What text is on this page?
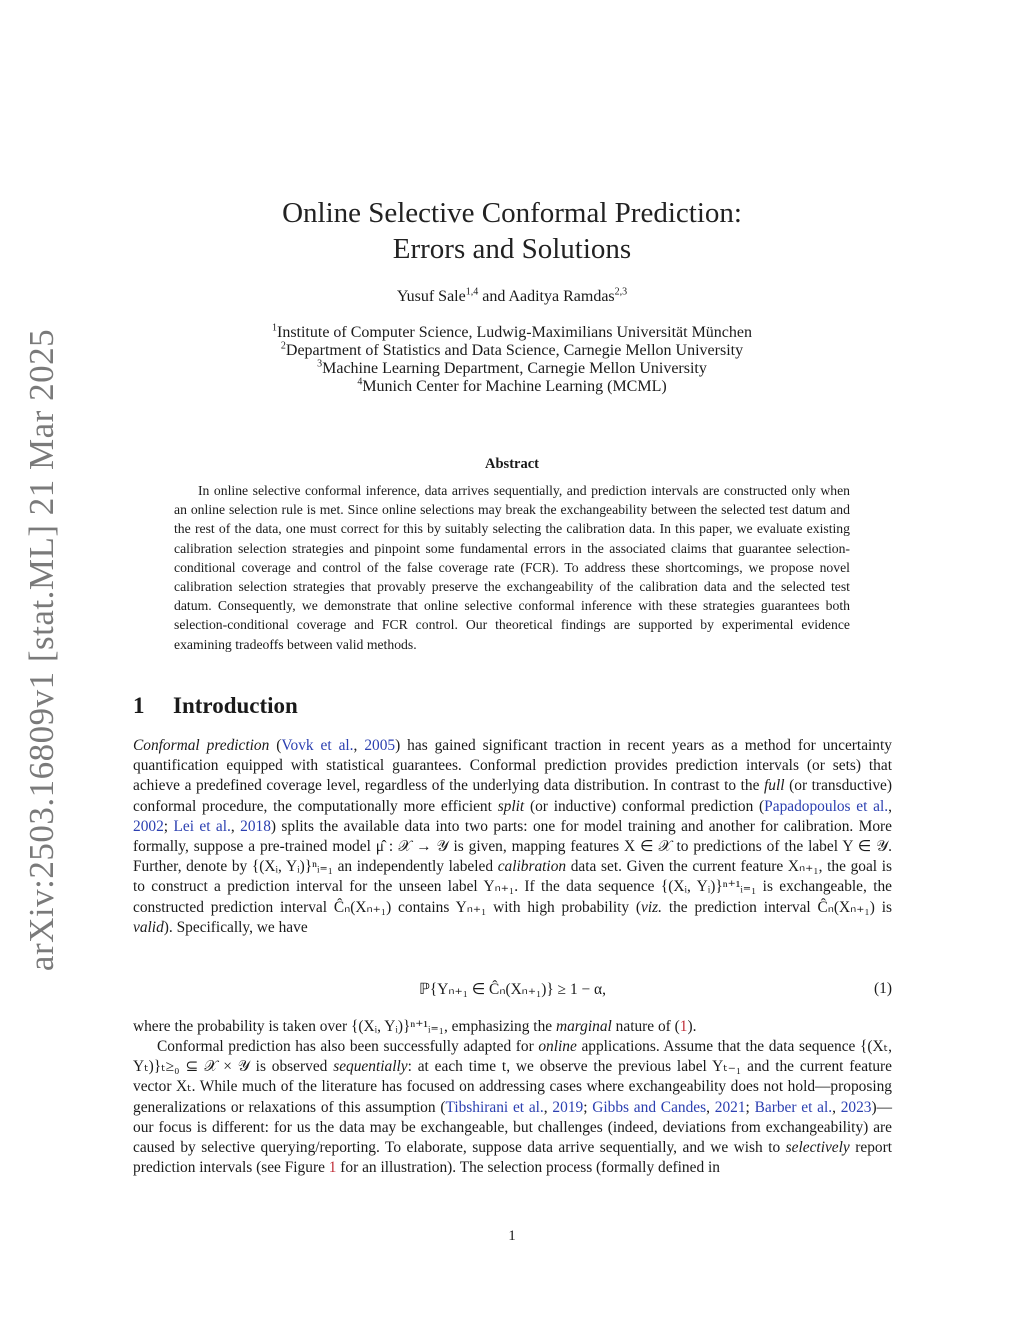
arXiv:2503.16809v1 [stat.ML] 21 Mar 2025
Online Selective Conformal Prediction:
Errors and Solutions
Yusuf Sale$^{1,4}$ and Aaditya Ramdas$^{2,3}$
$^1$Institute of Computer Science, Ludwig-Maximilians Universität München
$^2$Department of Statistics and Data Science, Carnegie Mellon University
$^3$Machine Learning Department, Carnegie Mellon University
$^4$Munich Center for Machine Learning (MCML)
Abstract

In online selective conformal inference, data arrives sequentially, and prediction intervals are constructed only when an online selection rule is met. Since online selections may break the exchangeability between the selected test datum and the rest of the data, one must correct for this by suitably selecting the calibration data. In this paper, we evaluate existing calibration selection strategies and pinpoint some fundamental errors in the associated claims that guarantee selection-conditional coverage and control of the false coverage rate (FCR). To address these shortcomings, we propose novel calibration selection strategies that provably preserve the exchangeability of the calibration data and the selected test datum. Consequently, we demonstrate that online selective conformal inference with these strategies guarantees both selection-conditional coverage and FCR control. Our theoretical findings are supported by experimental evidence examining tradeoffs between valid methods.

1 Introduction

Conformal prediction (Vovk et al., 2005) has gained significant traction in recent years as a method for uncertainty quantification equipped with statistical guarantees. Conformal prediction provides prediction intervals (or sets) that achieve a predefined coverage level, regardless of the underlying data distribution. In contrast to the full (or transductive) conformal procedure, the computationally more efficient split (or inductive) conformal prediction (Papadopoulos et al., 2002; Lei et al., 2018) splits the available data into two parts: one for model training and another for calibration. More formally, suppose a pre-trained model μ̂ : 𝒳 → 𝒴 is given, mapping features X ∈ 𝒳 to predictions of the label Y ∈ 𝒴. Further, denote by {(Xᵢ, Yᵢ)}ⁿᵢ₌₁ an independently labeled calibration data set. Given the current feature Xₙ₊₁, the goal is to construct a prediction interval for the unseen label Yₙ₊₁. If the data sequence {(Xᵢ, Yᵢ)}ⁿ⁺¹ᵢ₌₁ is exchangeable, the constructed prediction interval Ĉₙ(Xₙ₊₁) contains Yₙ₊₁ with high probability (viz. the prediction interval Ĉₙ(Xₙ₊₁) is valid). Specifically, we have

ℙ{Yₙ₊₁ ∈ Ĉₙ(Xₙ₊₁)} ≥ 1 − α,	(1)

where the probability is taken over {(Xᵢ, Yᵢ)}ⁿ⁺¹ᵢ₌₁, emphasizing the marginal nature of (1).

Conformal prediction has also been successfully adapted for online applications. Assume that the data sequence {(Xₜ, Yₜ)}ₜ≥₀ ⊆ 𝒳 × 𝒴 is observed sequentially: at each time t, we observe the previous label Yₜ₋₁ and the current feature vector Xₜ. While much of the literature has focused on addressing cases where exchangeability does not hold—proposing generalizations or relaxations of this assumption (Tibshirani et al., 2019; Gibbs and Candes, 2021; Barber et al., 2023)—our focus is different: for us the data may be exchangeable, but challenges (indeed, deviations from exchangeability) are caused by selective querying/reporting. To elaborate, suppose data arrive sequentially, and we wish to selectively report prediction intervals (see Figure 1 for an illustration). The selection process (formally defined in

1
